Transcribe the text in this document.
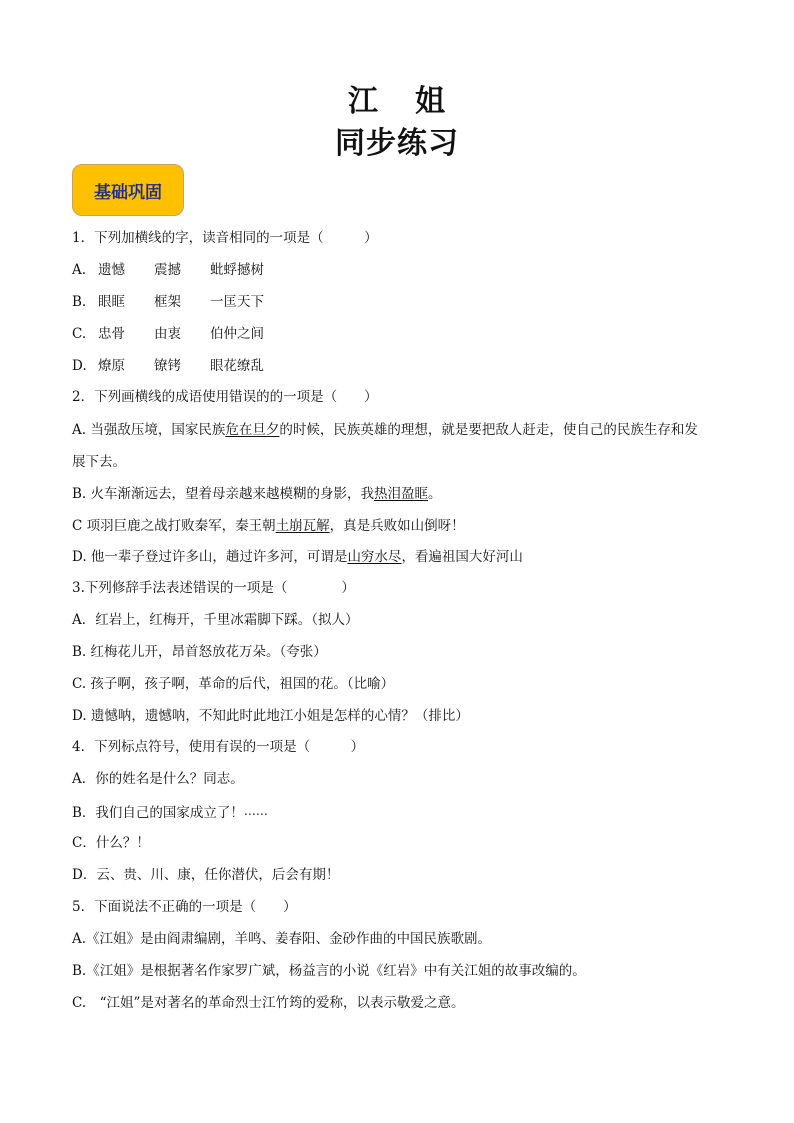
江 姐
同步练习
基础巩固
1．下列加横线的字，读音相同的一项是（　　　）
A. 遗憾 震撼 蚍蜉撼树
B. 眼眶 框架 一匡天下
C. 忠骨 由衷 伯仲之间
D. 燎原 镣铐 眼花缭乱
2．下列画横线的成语使用错误的的一项是（　　）
A. 当强敌压境，国家民族危在旦夕的时候，民族英雄的理想，就是要把敌人赶走，使自己的民族生存和发
展下去。
B. 火车渐渐远去，望着母亲越来越模糊的身影，我热泪盈眶。
C 项羽巨鹿之战打败秦军，秦王朝土崩瓦解，真是兵败如山倒呀！
D. 他一辈子登过许多山，趟过许多河，可谓是山穷水尽，看遍祖国大好河山
3.下列修辞手法表述错误的一项是（　　　　）
A．红岩上，红梅开，千里冰霜脚下踩。（拟人）
B. 红梅花儿开，昂首怒放花万朵。（夸张）
C. 孩子啊，孩子啊，革命的后代，祖国的花。（比喻）
D. 遗憾呐，遗憾呐，不知此时此地江小姐是怎样的心情？（排比）
4．下列标点符号，使用有误的一项是（　　　）
A．你的姓名是什么？同志。
B．我们自己的国家成立了！……
C．什么？！
D．云、贵、川、康，任你潜伏，后会有期！
5．下面说法不正确的一项是（　　）
A.《江姐》是由阎肃编剧，羊鸣、姜春阳、金砂作曲的中国民族歌剧。
B.《江姐》是根据著名作家罗广斌，杨益言的小说《红岩》中有关江姐的故事改编的。
C.　“江姐”是对著名的革命烈士江竹筠的爱称，以表示敬爱之意。
